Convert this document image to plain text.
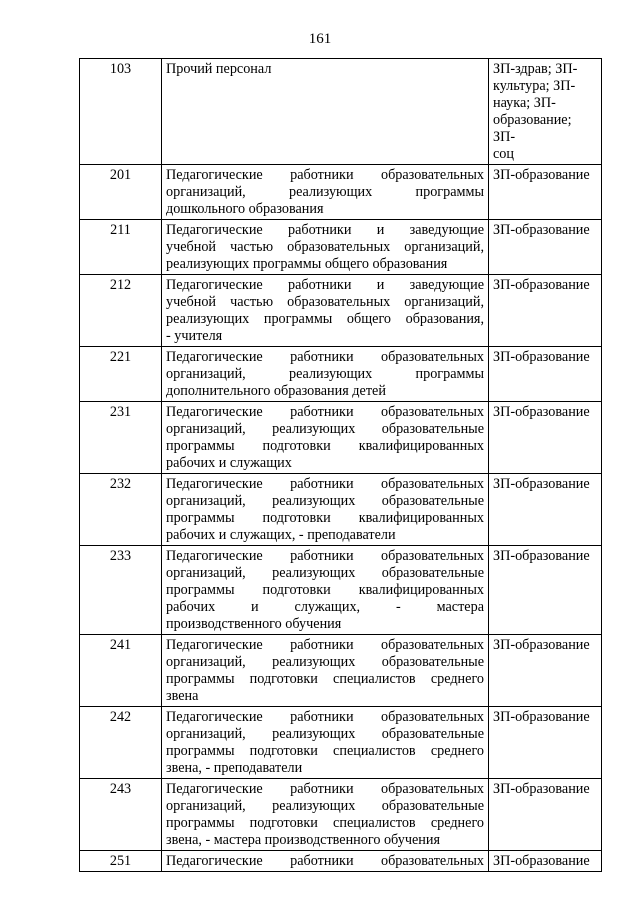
161
103	Прочий персонал	ЗП-здрав; ЗП-
культура; ЗП-
наука; ЗП-
образование; ЗП-
соц

201	Педагогические работники образовательных
организаций, реализующих программы
дошкольного образования	ЗП-образование

211	Педагогические работники и заведующие
учебной частью образовательных организаций,
реализующих программы общего образования	ЗП-образование

212	Педагогические работники и заведующие
учебной частью образовательных организаций,
реализующих программы общего образования,
- учителя	ЗП-образование

221	Педагогические работники образовательных
организаций, реализующих программы
дополнительного образования детей	ЗП-образование

231	Педагогические работники образовательных
организаций, реализующих образовательные
программы подготовки квалифицированных
рабочих и служащих	ЗП-образование

232	Педагогические работники образовательных
организаций, реализующих образовательные
программы подготовки квалифицированных
рабочих и служащих, - преподаватели	ЗП-образование

233	Педагогические работники образовательных
организаций, реализующих образовательные
программы подготовки квалифицированных
рабочих и служащих, - мастера
производственного обучения	ЗП-образование

241	Педагогические работники образовательных
организаций, реализующих образовательные
программы подготовки специалистов среднего
звена	ЗП-образование

242	Педагогические работники образовательных
организаций, реализующих образовательные
программы подготовки специалистов среднего
звена, - преподаватели	ЗП-образование

243	Педагогические работники образовательных
организаций, реализующих образовательные
программы подготовки специалистов среднего
звена, - мастера производственного обучения	ЗП-образование

251	Педагогические работники образовательных	ЗП-образование
